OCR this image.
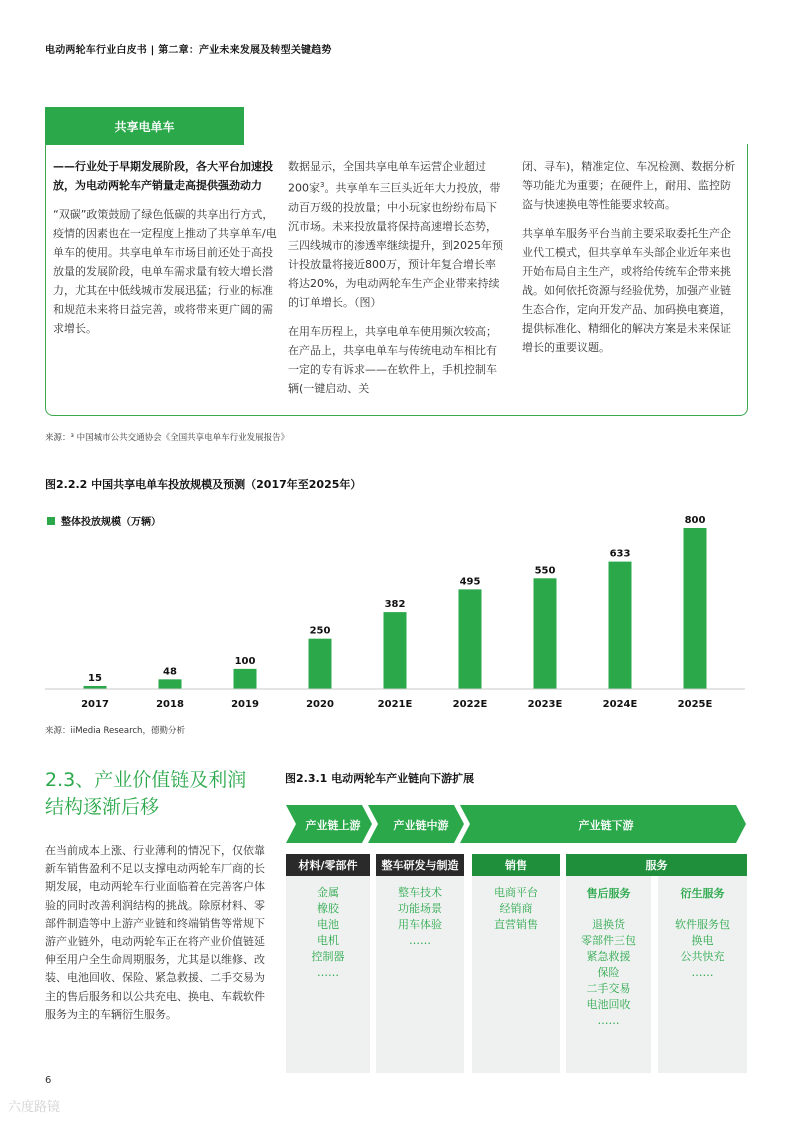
电动两轮车行业白皮书 | 第二章：产业未来发展及转型关键趋势
共享电单车

——行业处于早期发展阶段，各大平台加速投放，为电动两轮车产销量走高提供强劲动力

“双碳”政策鼓励了绿色低碳的共享出行方式，疫情的因素也在一定程度上推动了共享单车/电单车的使用。共享电单车市场目前还处于高投放量的发展阶段，电单车需求量有较大增长潜力，尤其在中低线城市发展迅猛；行业的标准和规范未来将日益完善，或将带来更广阔的需求增长。

数据显示，全国共享电单车运营企业超过200家$^3$。共享单车三巨头近年大力投放，带动百万级的投放量；中小玩家也纷纷布局下沉市场。未来投放量将保持高速增长态势，三四线城市的渗透率继续提升，到2025年预计投放量将接近800万，预计年复合增长率将达20%，为电动两轮车生产企业带来持续的订单增长。（图）

在用车历程上，共享电单车使用频次较高；在产品上，共享电单车与传统电动车相比有一定的专有诉求——在软件上，手机控制车辆(一键启动、关

闭、寻车)，精准定位、车况检测、数据分析等功能尤为重要；在硬件上，耐用、监控防盗与快速换电等性能要求较高。

共享单车服务平台当前主要采取委托生产企业代工模式，但共享单车头部企业近年来也开始布局自主生产，或将给传统车企带来挑战。如何依托资源与经验优势，加强产业链生态合作，定向开发产品、加码换电赛道，提供标准化、精细化的解决方案是未来保证增长的重要议题。

来源：³ 中国城市公共交通协会《全国共享电单车行业发展报告》
图2.2.2 中国共享电单车投放规模及预测（2017年至2025年）
整体投放规模（万辆）
15
2017
48
2018
100
2019
250
2020
382
2021E
495
2022E
550
2023E
633
2024E
800
2025E
来源：iiMedia Research，德勤分析
2.3、产业价值链及利润结构逐渐后移
在当前成本上涨、行业薄利的情况下，仅依靠新车销售盈利不足以支撑电动两轮车厂商的长期发展，电动两轮车行业面临着在完善客户体验的同时改善利润结构的挑战。除原材料、零部件制造等中上游产业链和终端销售等常规下游产业链外，电动两轮车正在将产业价值链延伸至用户全生命周期服务，尤其是以维修、改装、电池回收、保险、紧急救援、二手交易为主的售后服务和以公共充电、换电、车载软件服务为主的车辆衍生服务。
图2.3.1 电动两轮车产业链向下游扩展
产业链上游	产业链中游	产业链下游
材料/零部件
金属
橡胶
电池
电机
控制器
……
整车研发与制造
整车技术
功能场景
用车体验
……
销售
电商平台
经销商
直营销售
服务
售后服务
退换货
零部件三包
紧急救援
保险
二手交易
电池回收
……
衍生服务
软件服务包
换电
公共快充
……
6
六度路镜
